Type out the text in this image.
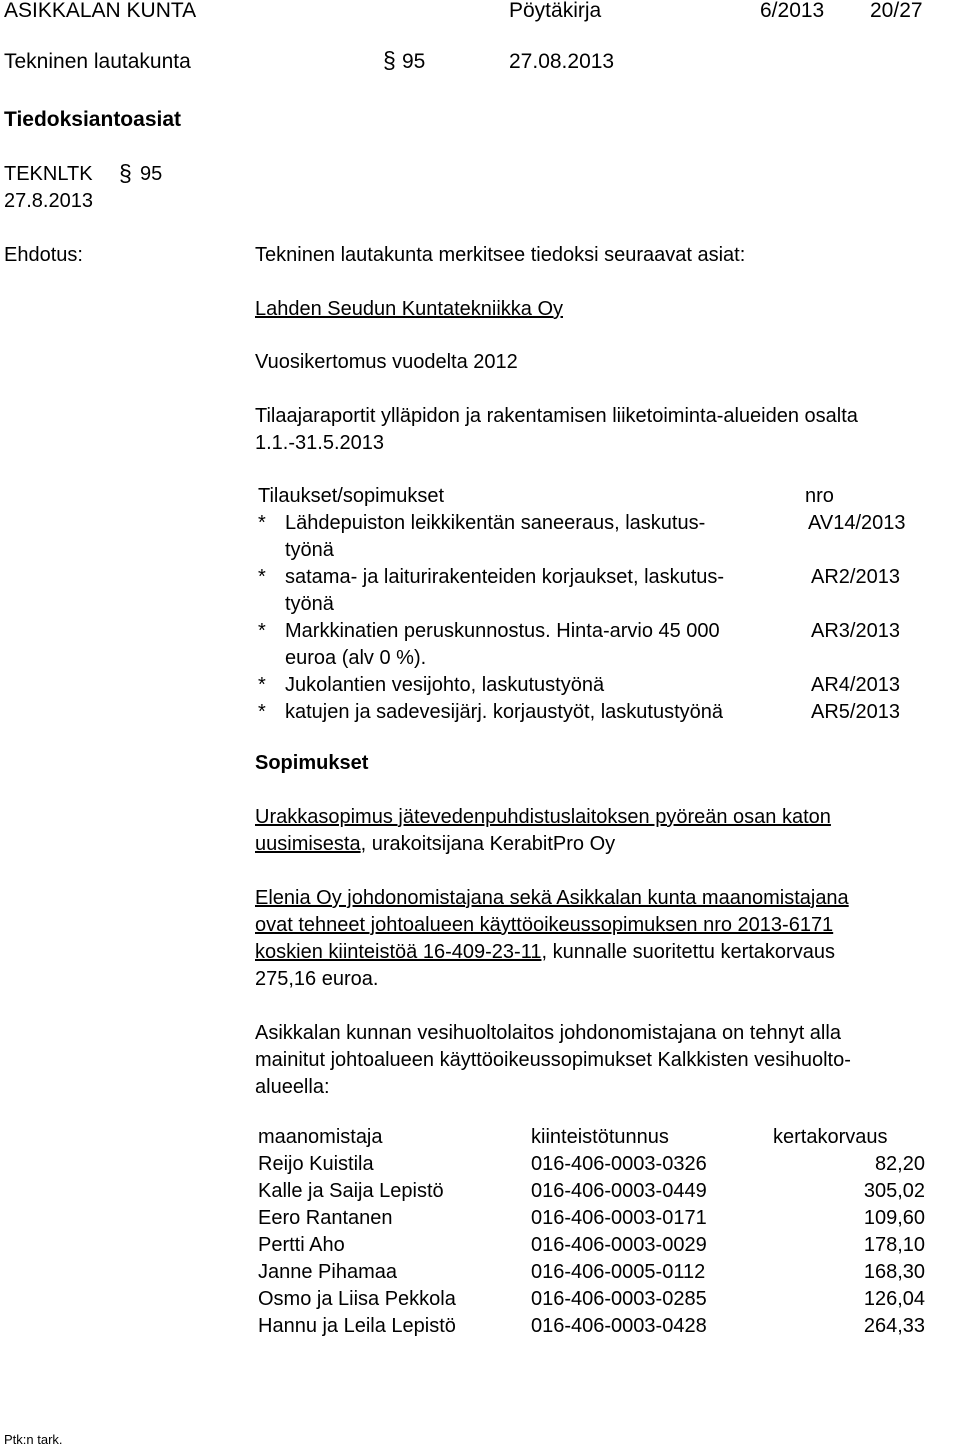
ASIKKALAN KUNTA	Pöytäkirja	6/2013 20/27
Tekninen lautakunta	§ 95	27.08.2013
Tiedoksiantoasiat
TEKNLTK § 95
27.8.2013
Ehdotus:	Tekninen lautakunta merkitsee tiedoksi seuraavat asiat:
Lahden Seudun Kuntatekniikka Oy
Vuosikertomus vuodelta 2012
Tilaajaraportit ylläpidon ja rakentamisen liiketoiminta-alueiden osalta
1.1.-31.5.2013
Tilaukset/sopimukset	nro
* Lähdepuiston leikkikentän saneeraus, laskutus-	AV14/2013
työnä
* satama- ja laiturirakenteiden korjaukset, laskutus-	AR2/2013
työnä
* Markkinatien peruskunnostus. Hinta-arvio 45 000	AR3/2013
euroa (alv 0 %).
* Jukolantien vesijohto, laskutustyönä	AR4/2013
* katujen ja sadevesijärj. korjaustyöt, laskutustyönä	AR5/2013
Sopimukset
Urakkasopimus jätevedenpuhdistuslaitoksen pyöreän osan katon
uusimisesta, urakoitsijana KerabitPro Oy
Elenia Oy johdonomistajana sekä Asikkalan kunta maanomistajana
ovat tehneet johtoalueen käyttöoikeussopimuksen nro 2013-6171
koskien kiinteistöä 16-409-23-11, kunnalle suoritettu kertakorvaus
275,16 euroa.
Asikkalan kunnan vesihuoltolaitos johdonomistajana on tehnyt alla
mainitut johtoalueen käyttöoikeussopimukset Kalkkisten vesihuolto-
alueella:
maanomistaja	kiinteistötunnus	kertakorvaus
Reijo Kuistila	016-406-0003-0326	82,20
Kalle ja Saija Lepistö	016-406-0003-0449	305,02
Eero Rantanen	016-406-0003-0171	109,60
Pertti Aho	016-406-0003-0029	178,10
Janne Pihamaa	016-406-0005-0112	168,30
Osmo ja Liisa Pekkola	016-406-0003-0285	126,04
Hannu ja Leila Lepistö	016-406-0003-0428	264,33
Ptk:n tark.
